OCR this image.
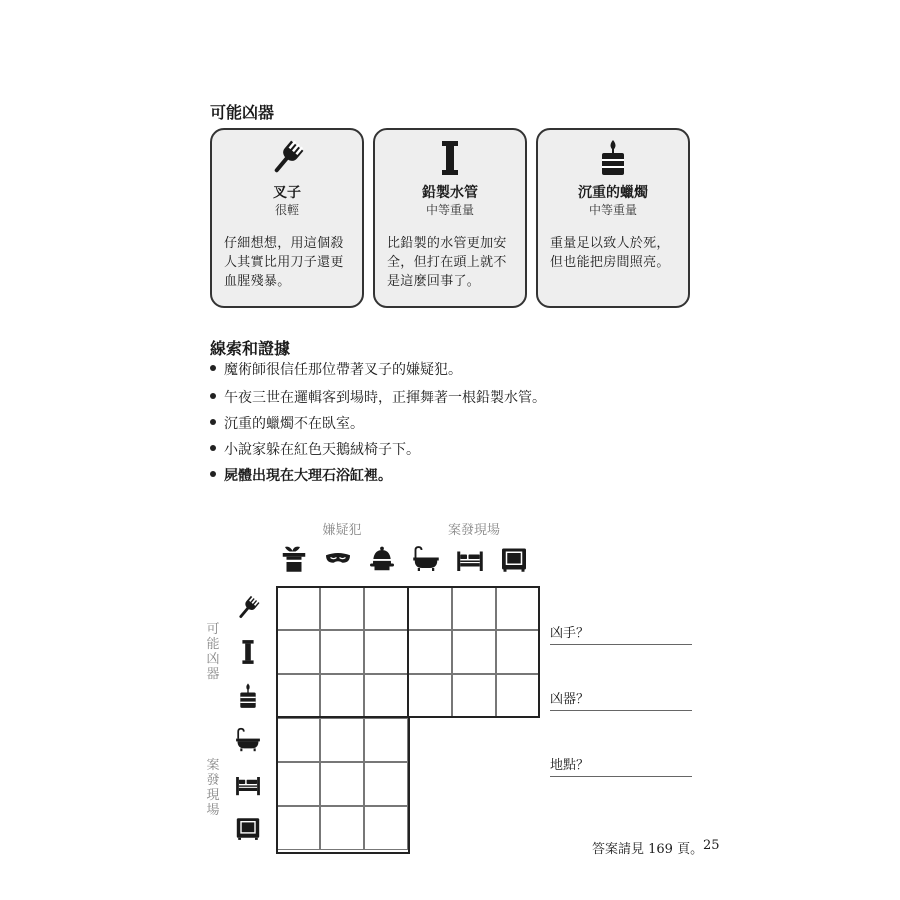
可能凶器
叉子
很輕
仔細想想，用這個殺人其實比用刀子還更血腥殘暴。
鉛製水管
中等重量
比鉛製的水管更加安全，但打在頭上就不是這麼回事了。
沉重的蠟燭
中等重量
重量足以致人於死，但也能把房間照亮。
線索和證據
魔術師很信任那位帶著叉子的嫌疑犯。
午夜三世在邏輯客到場時，正揮舞著一根鉛製水管。
沉重的蠟燭不在臥室。
小說家躲在紅色天鵝絨椅子下。
屍體出現在大理石浴缸裡。
嫌疑犯	案發現場
可
能
凶
器
案
發
現
場
凶手？
凶器？
地點？
答案請見 169 頁。 25
